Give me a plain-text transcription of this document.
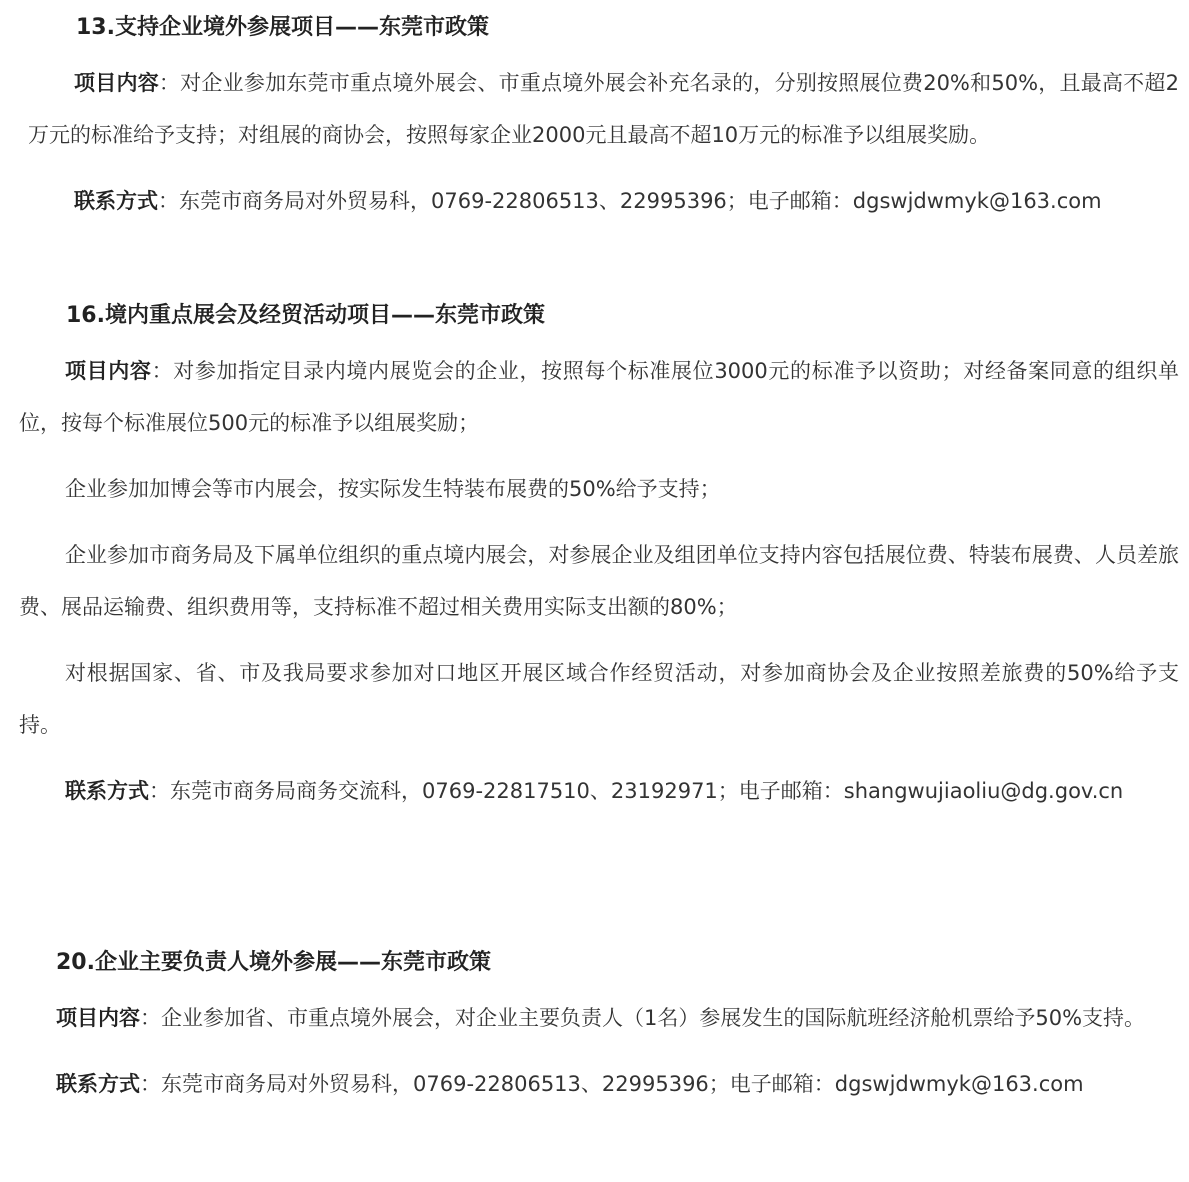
13.支持企业境外参展项目——东莞市政策

项目内容：对企业参加东莞市重点境外展会、市重点境外展会补充名录的，分别按照展位费20%和50%，且最高不超2万元的标准给予支持；对组展的商协会，按照每家企业2000元且最高不超10万元的标准予以组展奖励。

联系方式：东莞市商务局对外贸易科，0769-22806513、22995396；电子邮箱：dgswjdwmyk@163.com

16.境内重点展会及经贸活动项目——东莞市政策

项目内容：对参加指定目录内境内展览会的企业，按照每个标准展位3000元的标准予以资助；对经备案同意的组织单位，按每个标准展位500元的标准予以组展奖励；

企业参加加博会等市内展会，按实际发生特装布展费的50%给予支持；

企业参加市商务局及下属单位组织的重点境内展会，对参展企业及组团单位支持内容包括展位费、特装布展费、人员差旅费、展品运输费、组织费用等，支持标准不超过相关费用实际支出额的80%；

对根据国家、省、市及我局要求参加对口地区开展区域合作经贸活动，对参加商协会及企业按照差旅费的50%给予支持。

联系方式：东莞市商务局商务交流科，0769-22817510、23192971；电子邮箱：shangwujiaoliu@dg.gov.cn

20.企业主要负责人境外参展——东莞市政策

项目内容：企业参加省、市重点境外展会，对企业主要负责人（1名）参展发生的国际航班经济舱机票给予50%支持。

联系方式：东莞市商务局对外贸易科，0769-22806513、22995396；电子邮箱：dgswjdwmyk@163.com
